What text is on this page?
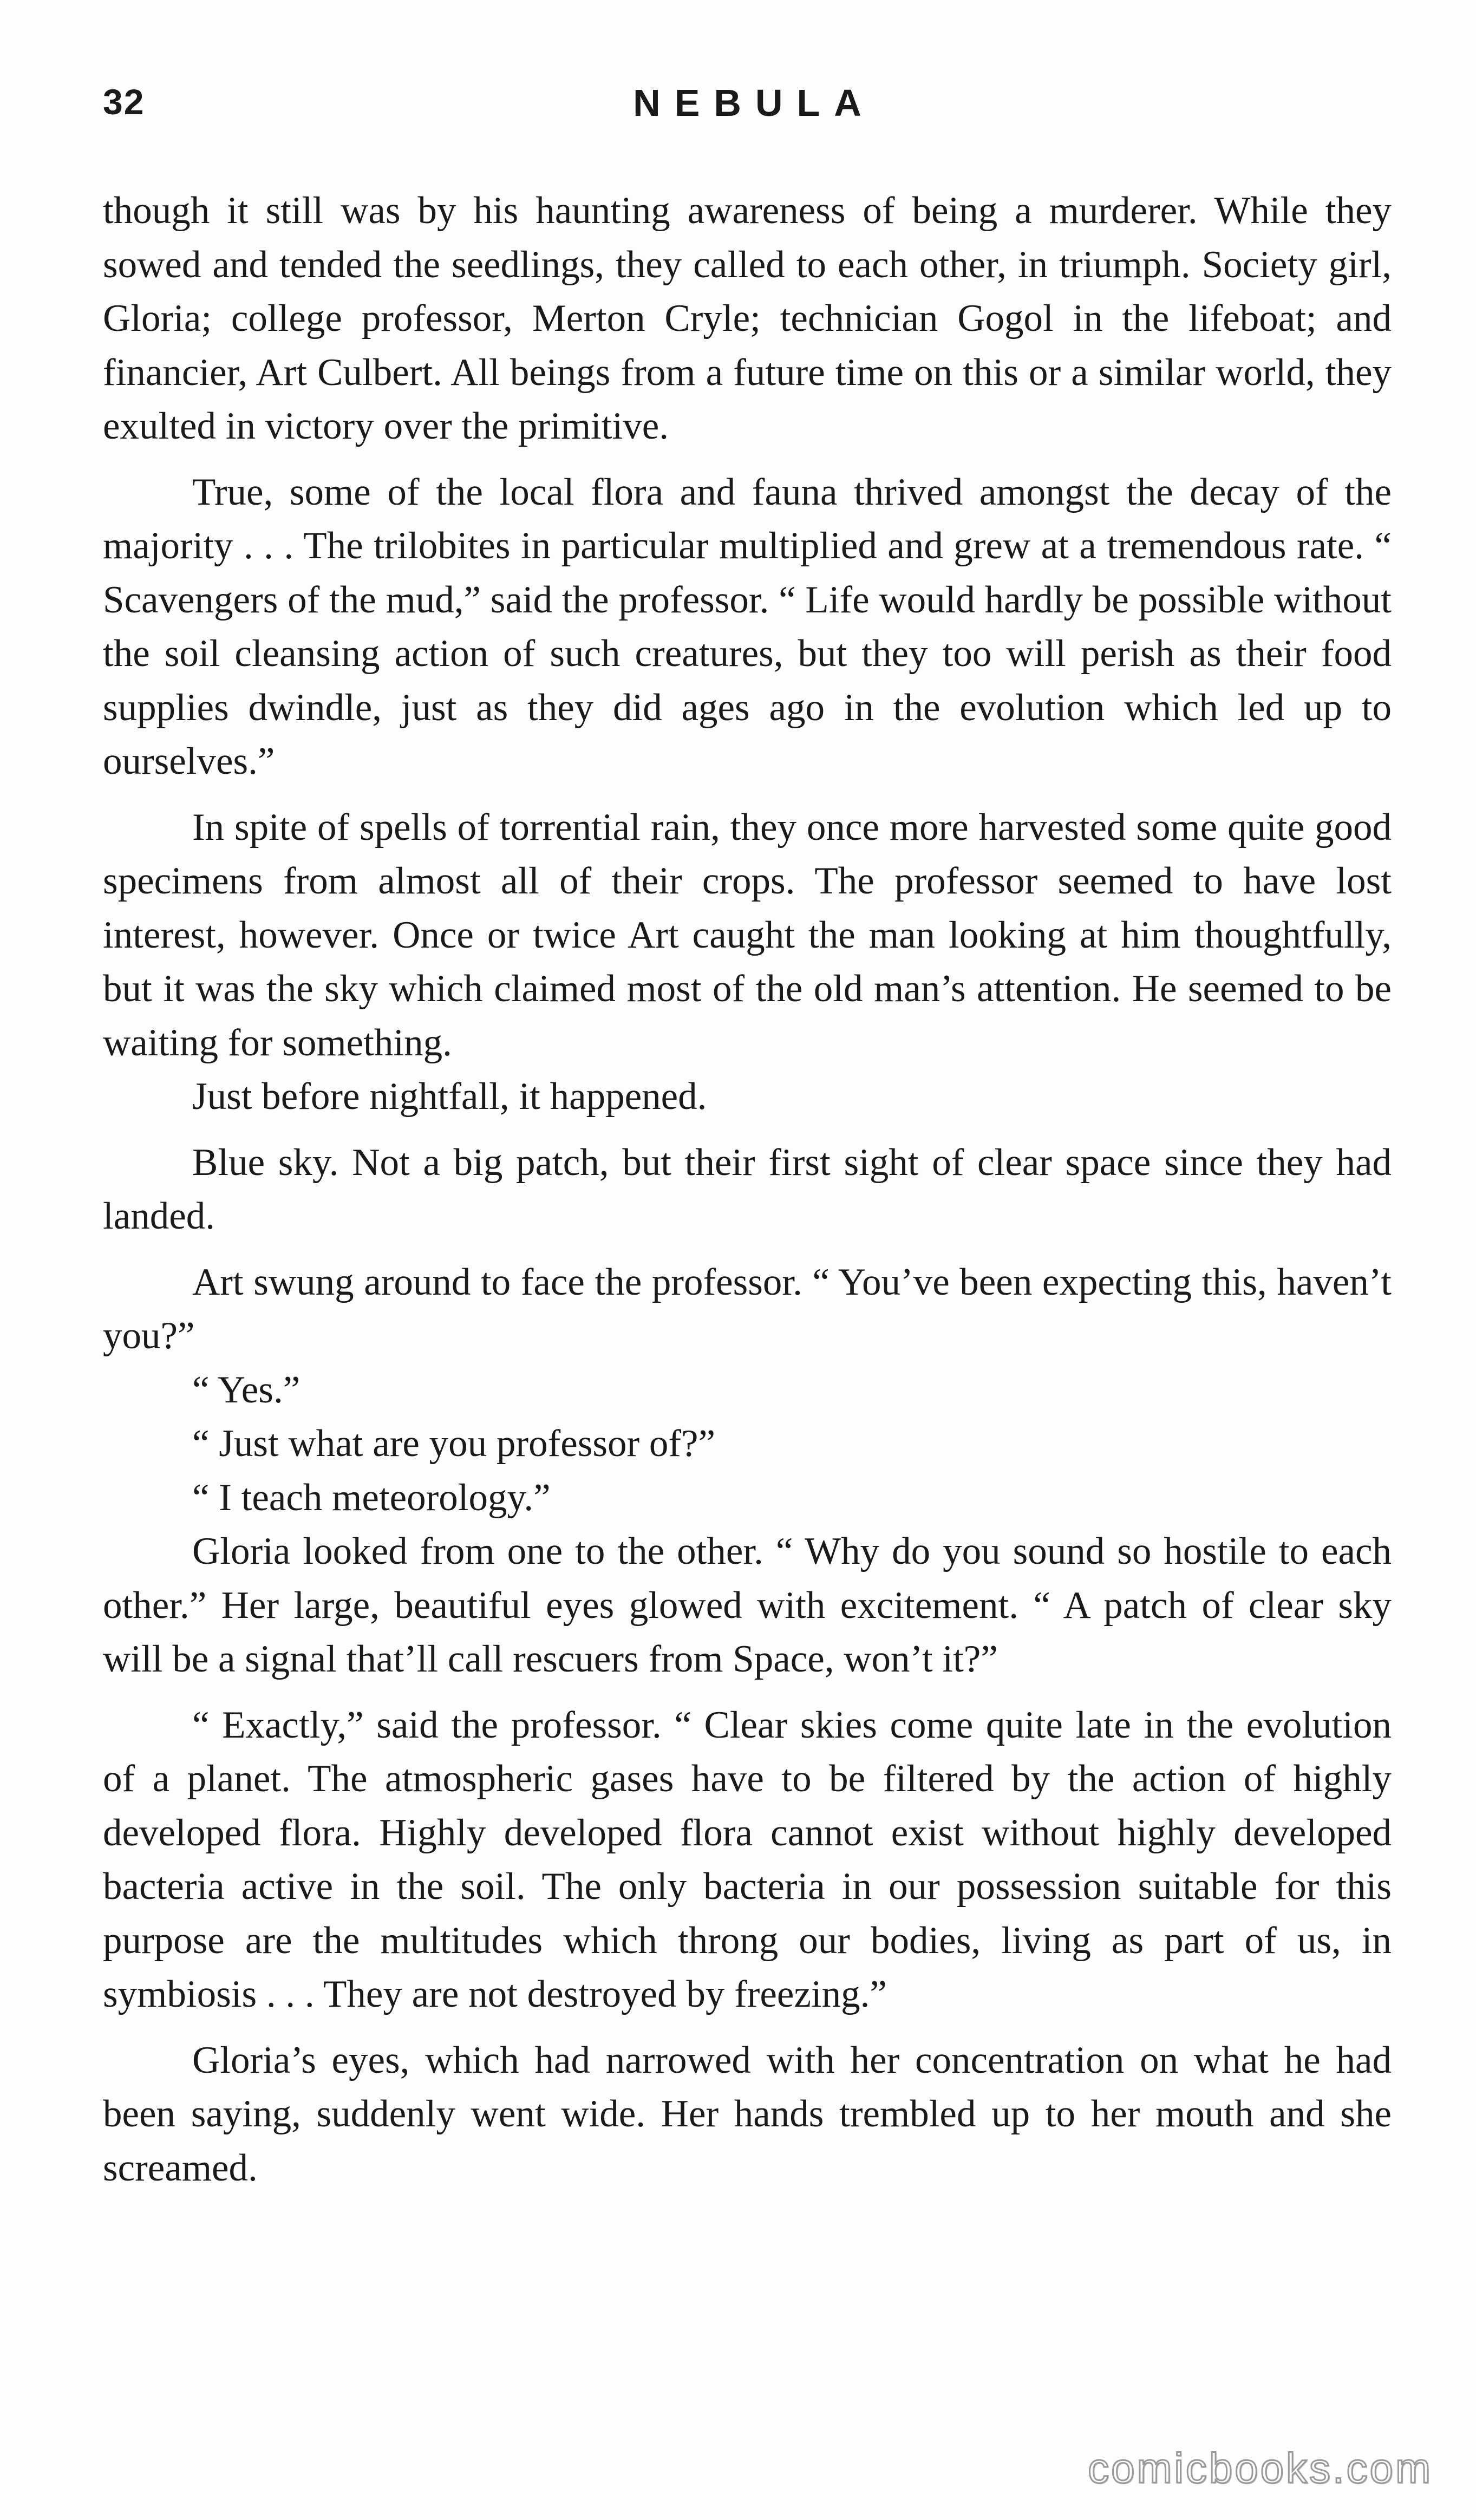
32	NEBULA

though it still was by his haunting awareness of being a murderer. While they sowed and tended the seedlings, they called to each other, in triumph. Society girl, Gloria; college professor, Merton Cryle; technician Gogol in the lifeboat; and financier, Art Culbert. All beings from a future time on this or a similar world, they exulted in victory over the primitive.

True, some of the local flora and fauna thrived amongst the decay of the majority . . . The trilobites in particular multiplied and grew at a tremendous rate. “ Scavengers of the mud,” said the professor. “ Life would hardly be possible without the soil cleansing action of such creatures, but they too will perish as their food supplies dwindle, just as they did ages ago in the evolution which led up to ourselves.”

In spite of spells of torrential rain, they once more harvested some quite good specimens from almost all of their crops. The professor seemed to have lost interest, however. Once or twice Art caught the man looking at him thoughtfully, but it was the sky which claimed most of the old man’s attention. He seemed to be waiting for something.

Just before nightfall, it happened.

Blue sky. Not a big patch, but their first sight of clear space since they had landed.

Art swung around to face the professor. “ You’ve been expecting this, haven’t you?”

“ Yes.”

“ Just what are you professor of?”

“ I teach meteorology.”

Gloria looked from one to the other. “ Why do you sound so hostile to each other.” Her large, beautiful eyes glowed with excitement. “ A patch of clear sky will be a signal that’ll call rescuers from Space, won’t it?”

“ Exactly,” said the professor. “ Clear skies come quite late in the evolution of a planet. The atmospheric gases have to be filtered by the action of highly developed flora. Highly developed flora cannot exist without highly developed bacteria active in the soil. The only bacteria in our possession suitable for this purpose are the multitudes which throng our bodies, living as part of us, in symbiosis . . . They are not destroyed by freezing.”

Gloria’s eyes, which had narrowed with her concentration on what he had been saying, suddenly went wide. Her hands trembled up to her mouth and she screamed.

comicbooks.com
